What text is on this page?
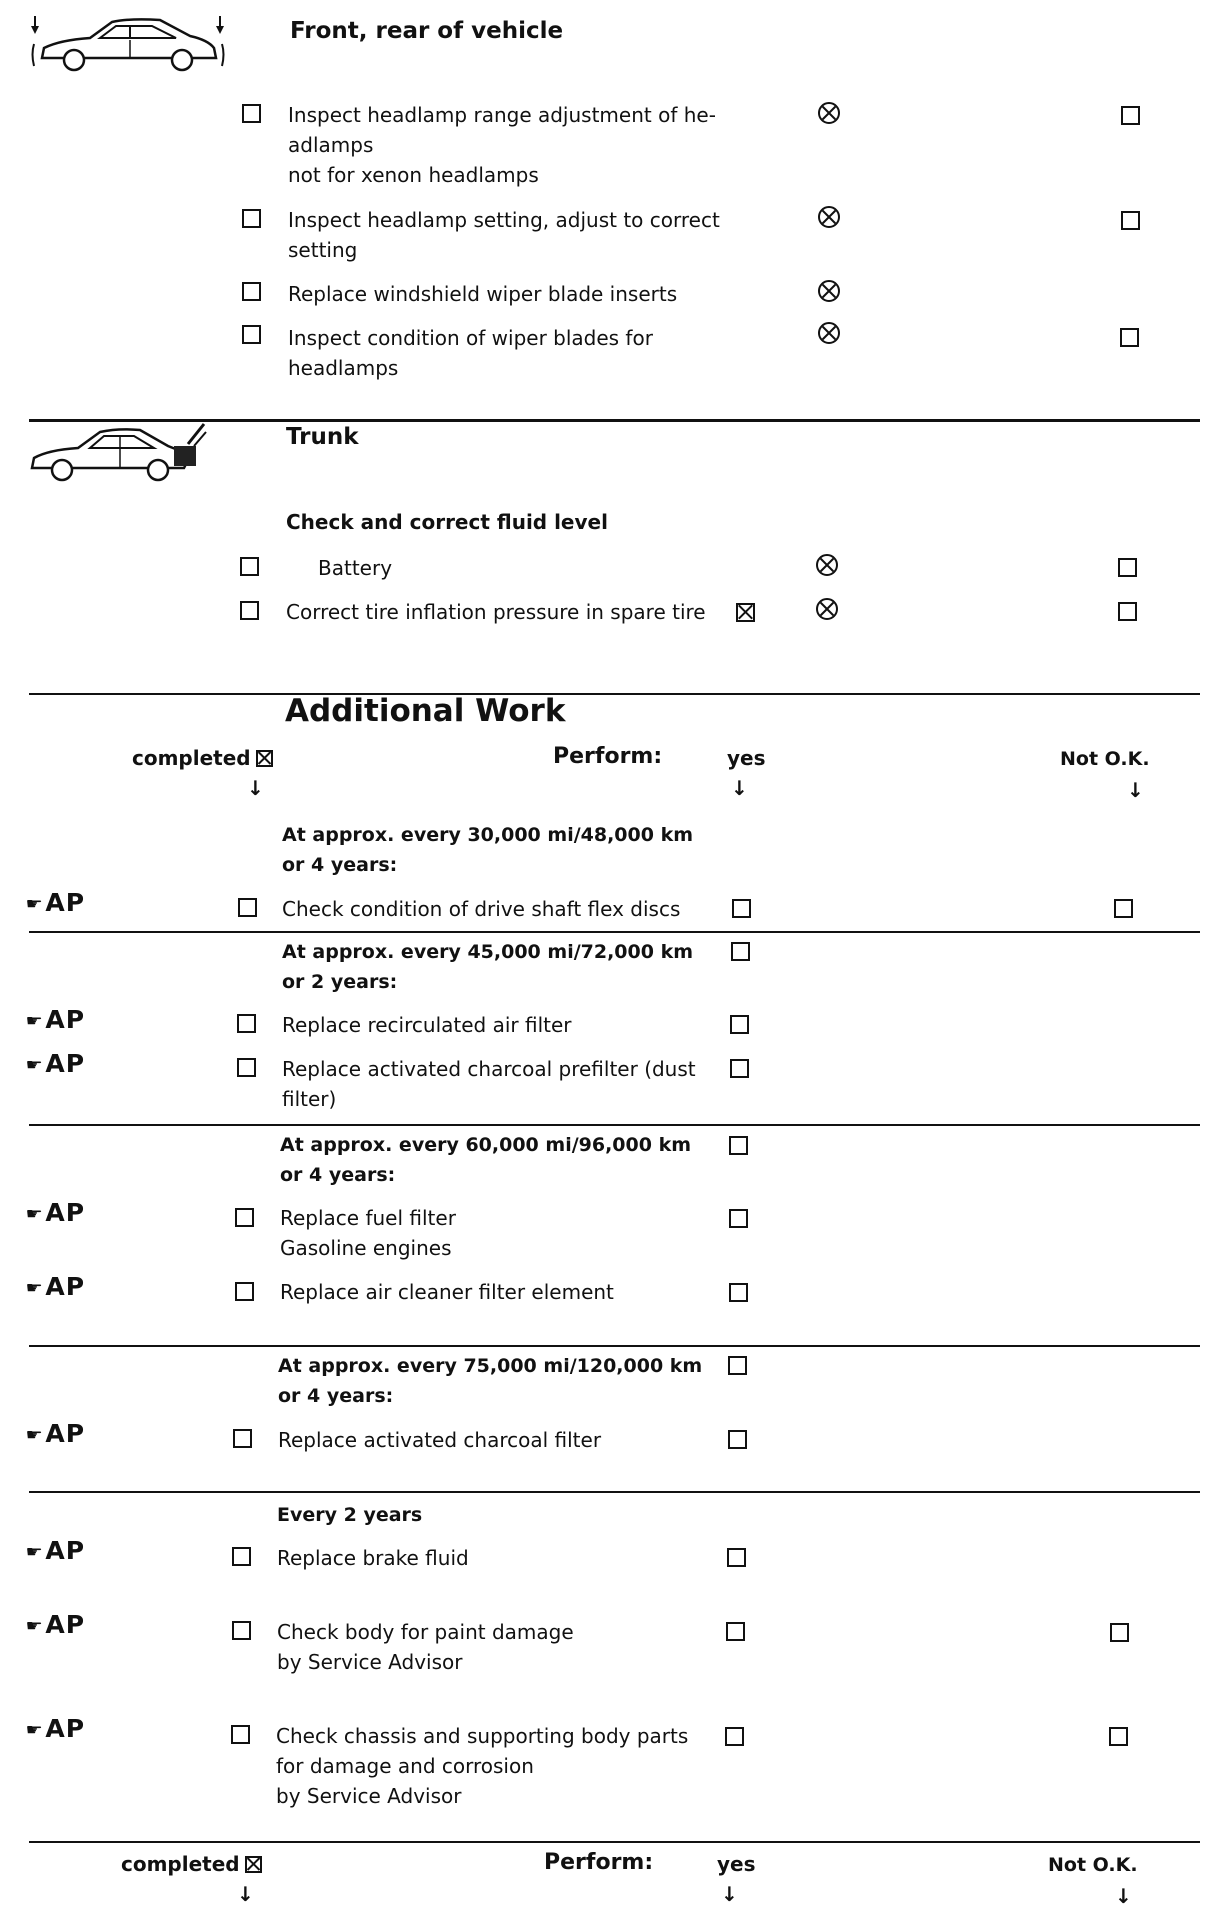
Front, rear of vehicle
Inspect headlamp range adjustment of he-
adlamps
not for xenon headlamps
Inspect headlamp setting, adjust to correct
setting
Replace windshield wiper blade inserts
Inspect condition of wiper blades for
headlamps
Trunk
Check and correct fluid level
Battery
Correct tire inflation pressure in spare tire
Additional Work
completed
↓
Perform:	yes
↓
Not O.K.
↓
At approx. every 30,000 mi/48,000 km
or 4 years:
☛AP	Check condition of drive shaft flex discs
At approx. every 45,000 mi/72,000 km
or 2 years:
☛AP	Replace recirculated air filter
☛AP	Replace activated charcoal prefilter (dust
filter)
At approx. every 60,000 mi/96,000 km
or 4 years:
☛AP	Replace fuel filter
Gasoline engines
☛AP	Replace air cleaner filter element
At approx. every 75,000 mi/120,000 km
or 4 years:
☛AP	Replace activated charcoal filter
Every 2 years
☛AP	Replace brake fluid
☛AP	Check body for paint damage
by Service Advisor
☛AP	Check chassis and supporting body parts
for damage and corrosion
by Service Advisor
completed
↓
Perform:	yes
↓
Not O.K.
↓
